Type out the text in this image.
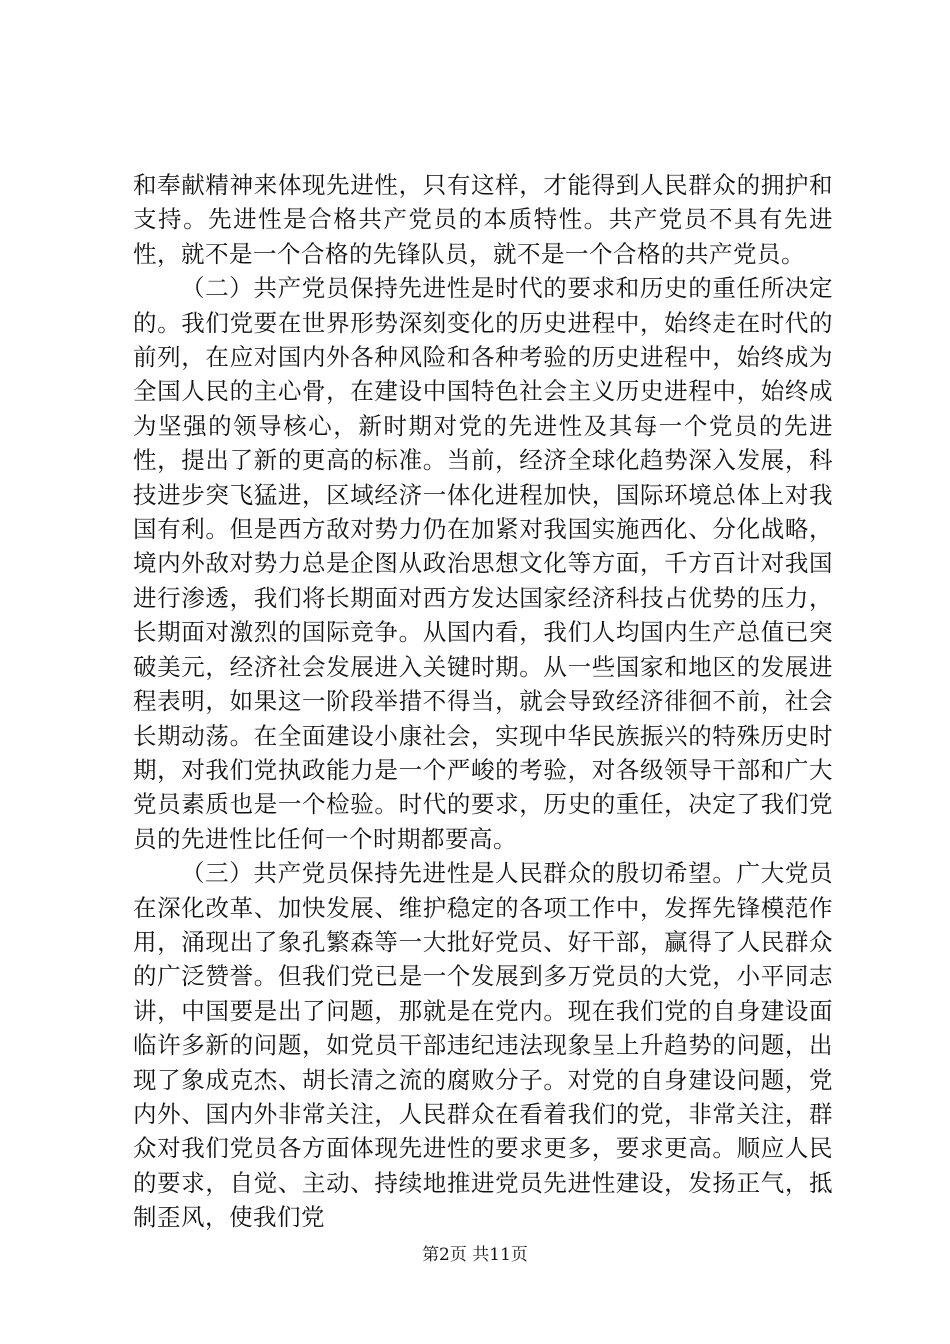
和奉献精神来体现先进性，只有这样，才能得到人民群众的拥护和支持。先进性是合格共产党员的本质特性。共产党员不具有先进性，就不是一个合格的先锋队员，就不是一个合格的共产党员。

（二）共产党员保持先进性是时代的要求和历史的重任所决定的。我们党要在世界形势深刻变化的历史进程中，始终走在时代的前列，在应对国内外各种风险和各种考验的历史进程中，始终成为全国人民的主心骨，在建设中国特色社会主义历史进程中，始终成为坚强的领导核心，新时期对党的先进性及其每一个党员的先进性，提出了新的更高的标准。当前，经济全球化趋势深入发展，科技进步突飞猛进，区域经济一体化进程加快，国际环境总体上对我国有利。但是西方敌对势力仍在加紧对我国实施西化、分化战略，境内外敌对势力总是企图从政治思想文化等方面，千方百计对我国进行渗透，我们将长期面对西方发达国家经济科技占优势的压力，长期面对激烈的国际竞争。从国内看，我们人均国内生产总值已突破美元，经济社会发展进入关键时期。从一些国家和地区的发展进程表明，如果这一阶段举措不得当，就会导致经济徘徊不前，社会长期动荡。在全面建设小康社会，实现中华民族振兴的特殊历史时期，对我们党执政能力是一个严峻的考验，对各级领导干部和广大党员素质也是一个检验。时代的要求，历史的重任，决定了我们党员的先进性比任何一个时期都要高。

（三）共产党员保持先进性是人民群众的殷切希望。广大党员在深化改革、加快发展、维护稳定的各项工作中，发挥先锋模范作用，涌现出了象孔繁森等一大批好党员、好干部，赢得了人民群众的广泛赞誉。但我们党已是一个发展到多万党员的大党，小平同志讲，中国要是出了问题，那就是在党内。现在我们党的自身建设面临许多新的问题，如党员干部违纪违法现象呈上升趋势的问题，出现了象成克杰、胡长清之流的腐败分子。对党的自身建设问题，党内外、国内外非常关注，人民群众在看着我们的党，非常关注，群众对我们党员各方面体现先进性的要求更多，要求更高。顺应人民的要求，自觉、主动、持续地推进党员先进性建设，发扬正气，抵制歪风，使我们党

第2页 共11页
